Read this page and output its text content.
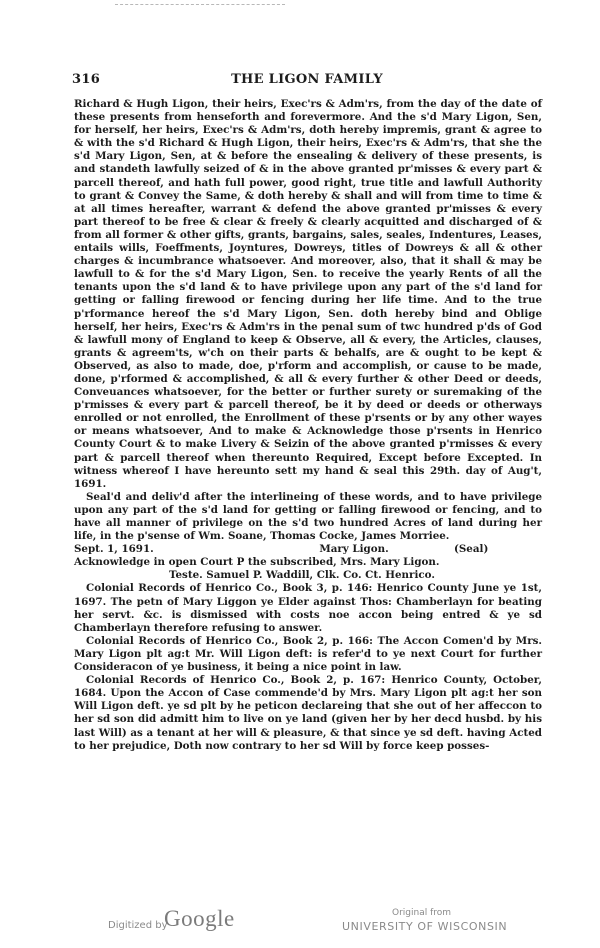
316	THE LIGON FAMILY

Richard & Hugh Ligon, their heirs, Exec'rs & Adm'rs, from the day of the date of these presents from henseforth and forevermore. And the s'd Mary Ligon, Sen, for herself, her heirs, Exec'rs & Adm'rs, doth hereby impremis, grant & agree to & with the s'd Richard & Hugh Ligon, their heirs, Exec'rs & Adm'rs, that she the s'd Mary Ligon, Sen, at & before the ensealing & delivery of these presents, is and standeth lawfully seized of & in the above granted pr'misses & every part & parcell thereof, and hath full power, good right, true title and lawfull Authority to grant & Convey the Same, & doth hereby & shall and will from time to time & at all times hereafter, warrant & defend the above granted pr'misses & every part thereof to be free & clear & freely & clearly acquitted and discharged of & from all former & other gifts, grants, bargains, sales, seales, Indentures, Leases, entails wills, Foeffments, Joyntures, Dowreys, titles of Dowreys & all & other charges & incumbrance whatsoever. And moreover, also, that it shall & may be lawfull to & for the s'd Mary Ligon, Sen. to receive the yearly Rents of all the tenants upon the s'd land & to have privilege upon any part of the s'd land for getting or falling firewood or fencing during her life time. And to the true p'rformance hereof the s'd Mary Ligon, Sen. doth hereby bind and Oblige herself, her heirs, Exec'rs & Adm'rs in the penal sum of twc hundred p'ds of God & lawfull mony of England to keep & Observe, all & every, the Articles, clauses, grants & agreem'ts, w'ch on their parts & behalfs, are & ought to be kept & Observed, as also to made, doe, p'rform and accomplish, or cause to be made, done, p'rformed & accomplished, & all & every further & other Deed or deeds, Conveuances whatsoever, for the better or further surety or suremaking of the p'rmisses & every part & parcell thereof, be it by deed or deeds or otherways enrolled or not enrolled, the Enrollment of these p'rsents or by any other wayes or means whatsoever, And to make & Acknowledge those p'rsents in Henrico County Court & to make Livery & Seizin of the above granted p'rmisses & every part & parcell thereof when thereunto Required, Except before Excepted. In witness whereof I have hereunto sett my hand & seal this 29th. day of Aug't, 1691.

Seal'd and deliv'd after the interlineing of these words, and to have privilege upon any part of the s'd land for getting or falling firewood or fencing, and to have all manner of privilege on the s'd two hundred Acres of land during her life, in the p'sense of Wm. Soane, Thomas Cocke, James Morriee.

Sept. 1, 1691.	Mary Ligon.	(Seal)
Acknowledge in open Court P the subscribed, Mrs. Mary Ligon.
Teste. Samuel P. Waddill, Clk. Co. Ct. Henrico.

Colonial Records of Henrico Co., Book 3, p. 146: Henrico County June ye 1st, 1697. The petn of Mary Liggon ye Elder against Thos: Chamberlayn for beating her servt. &c. is dismissed with costs noe accon being entred & ye sd Chamberlayn therefore refusing to answer.

Colonial Records of Henrico Co., Book 2, p. 166: The Accon Comen'd by Mrs. Mary Ligon plt ag:t Mr. Will Ligon deft: is refer'd to ye next Court for further Consideracon of ye business, it being a nice point in law.

Colonial Records of Henrico Co., Book 2, p. 167: Henrico County, October, 1684. Upon the Accon of Case commende'd by Mrs. Mary Ligon plt ag:t her son Will Ligon deft. ye sd plt by he peticon declareing that she out of her affeccon to her sd son did admitt him to live on ye land (given her by her decd husbd. by his last Will) as a tenant at her will & pleasure, & that since ye sd deft. having Acted to her prejudice, Doth now contrary to her sd Will by force keep posses-

Digitized by
Google	Original from
UNIVERSITY OF WISCONSIN
